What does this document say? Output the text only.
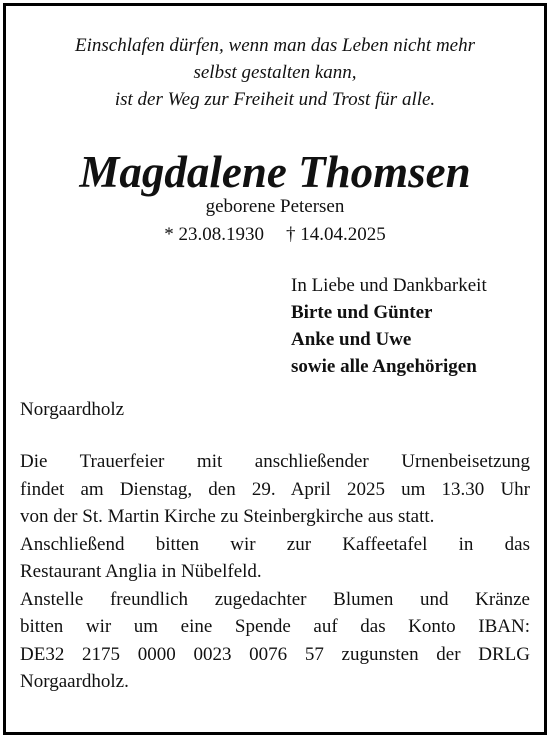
Einschlafen dürfen, wenn man das Leben nicht mehr
selbst gestalten kann,
ist der Weg zur Freiheit und Trost für alle.
Magdalene Thomsen
geborene Petersen
* 23.08.1930 † 14.04.2025
In Liebe und Dankbarkeit
Birte und Günter
Anke und Uwe
sowie alle Angehörigen
Norgaardholz
Die Trauerfeier mit anschließender Urnenbeisetzung
findet am Dienstag, den 29. April 2025 um 13.30 Uhr
von der St. Martin Kirche zu Steinbergkirche aus statt.
Anschließend bitten wir zur Kaffeetafel in das
Restaurant Anglia in Nübelfeld.
Anstelle freundlich zugedachter Blumen und Kränze
bitten wir um eine Spende auf das Konto IBAN:
DE32 2175 0000 0023 0076 57 zugunsten der DRLG
Norgaardholz.
